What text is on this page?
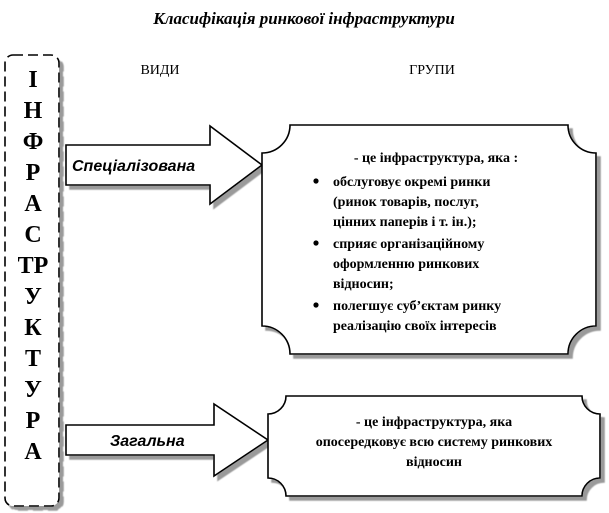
Класифікація ринкової інфраструктури
І
Н
Ф
Р
А
С
ТР
У
К
Т
У
Р
А
ВИДИ	ГРУПИ
Спеціалізована
Загальна
- це інфраструктура, яка :
обслуговує окремі ринки
(ринок товарів, послуг,
цінних паперів і т. ін.);
сприяє організаційному
оформленню ринкових
відносин;
полегшує суб’єктам ринку
реалізацію своїх інтересів
- це інфраструктура, яка
опосередковує всю систему ринкових
відносин
